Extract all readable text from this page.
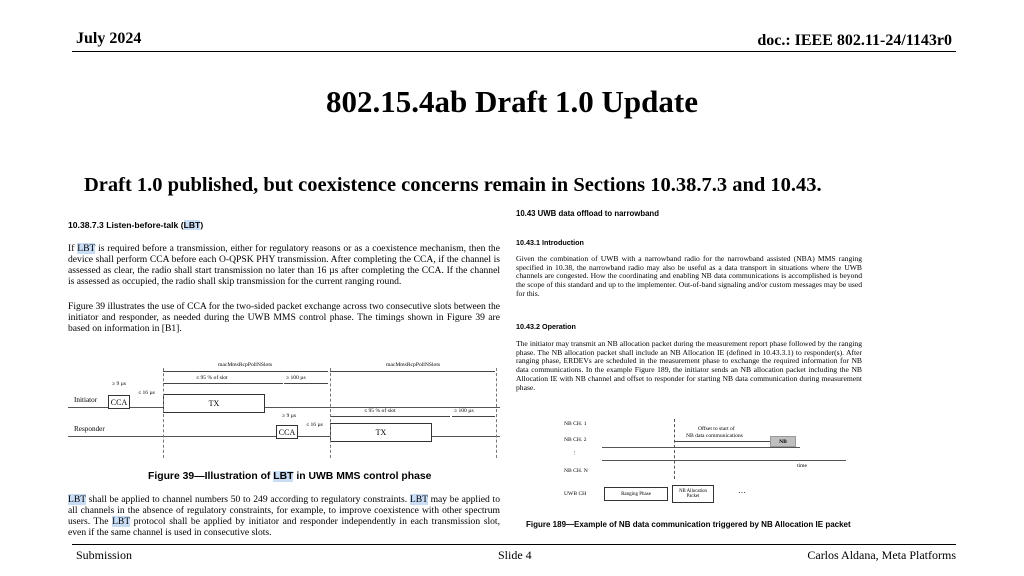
July 2024	doc.: IEEE 802.11-24/1143r0
802.15.4ab Draft 1.0 Update
Draft 1.0 published, but coexistence concerns remain in Sections 10.38.7.3 and 10.43.
10.38.7.3 Listen-before-talk (LBT)
If LBT is required before a transmission, either for regulatory reasons or as a coexistence mechanism, then the device shall perform CCA before each O-QPSK PHY transmission. After completing the CCA, if the channel is assessed as clear, the radio shall start transmission no later than 16 µs after completing the CCA. If the channel is assessed as occupied, the radio shall skip transmission for the current ranging round.
Figure 39 illustrates the use of CCA for the two-sided packet exchange across two consecutive slots between the initiator and responder, as needed during the UWB MMS control phase. The timings shown in Figure 39 are based on information in [B1].
macMmsRcpPollNSlots	macMmsRcpPollNSlots
≤ 95 % of slot	≥ 100 µs
≥ 9 µs
≤ 16 µs
Initiator	CCA	TX
≤ 95 % of slot	≥ 100 µs
≥ 9 µs
≤ 16 µs
Responder	CCA	TX
Figure 39—Illustration of LBT in UWB MMS control phase
LBT shall be applied to channel numbers 50 to 249 according to regulatory constraints. LBT may be applied to all channels in the absence of regulatory constraints, for example, to improve coexistence with other spectrum users. The LBT protocol shall be applied by initiator and responder independently in each transmission slot, even if the same channel is used in consecutive slots.
10.43 UWB data offload to narrowband
10.43.1 Introduction
Given the combination of UWB with a narrowband radio for the narrowband assisted (NBA) MMS ranging specified in 10.38, the narrowband radio may also be useful as a data transport in situations where the UWB channels are congested. How the coordinating and enabling NB data communications is accomplished is beyond the scope of this standard and up to the implementer. Out-of-band signaling and/or custom messages may be used for this.
10.43.2 Operation
The initiator may transmit an NB allocation packet during the measurement report phase followed by the ranging phase. The NB allocation packet shall include an NB Allocation IE (defined in 10.43.3.1) to responder(s). After ranging phase, ERDEVs are scheduled in the measurement phase to exchange the required information for NB data communications. In the example Figure 189, the initiator sends an NB allocation packet including the NB Allocation IE with NB channel and offset to responder for starting NB data communication during measurement phase.
NB CH. 1
NB CH. 2
⋮
NB CH. N
UWB CH
Offset to start of
NB data communications
NB
time
Ranging Phase
NB Allocation Packet
…
Figure 189—Example of NB data communication triggered by NB Allocation IE packet
Submission	Slide 4	Carlos Aldana, Meta Platforms
